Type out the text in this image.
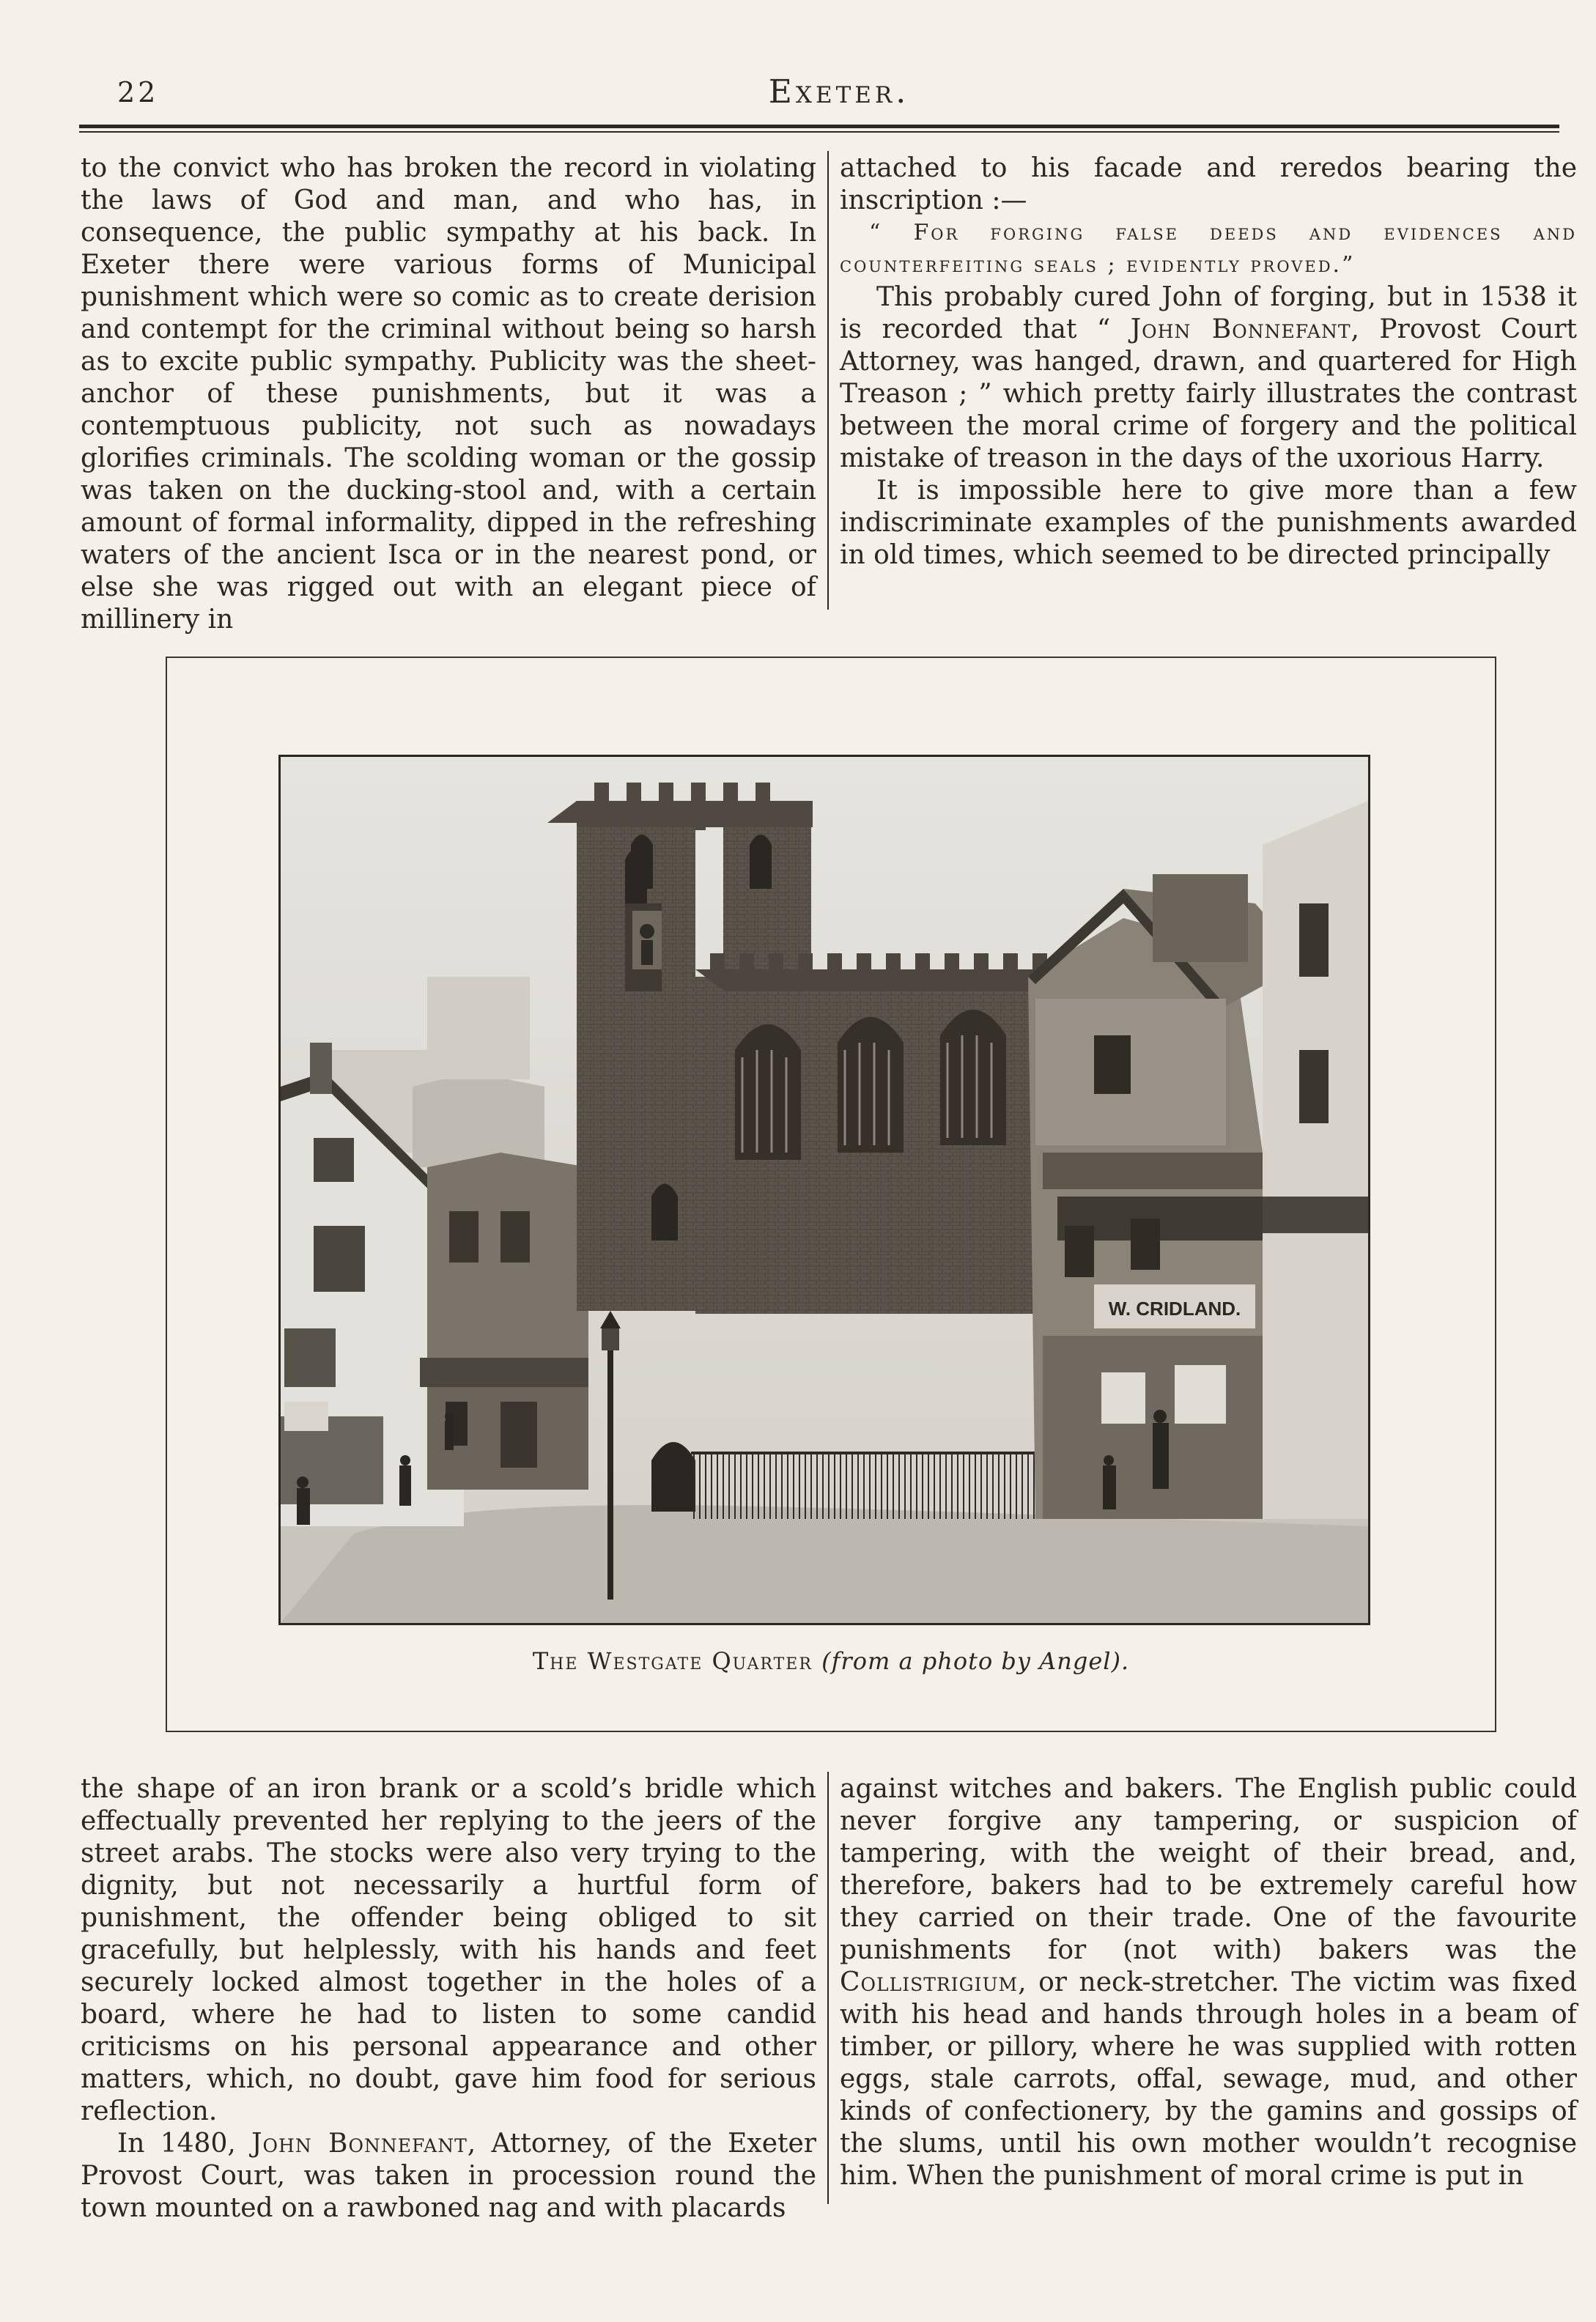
22	Exeter.

to the convict who has broken the record in violating the laws of God and man, and who has, in consequence, the public sympathy at his back. In Exeter there were various forms of Municipal punishment which were so comic as to create derision and contempt for the criminal without being so harsh as to excite public sympathy. Publicity was the sheet-anchor of these punishments, but it was a contemptuous publicity, not such as nowadays glorifies criminals. The scolding woman or the gossip was taken on the ducking-stool and, with a certain amount of formal informality, dipped in the refreshing waters of the ancient Isca or in the nearest pond, or else she was rigged out with an elegant piece of millinery in

attached to his facade and reredos bearing the inscription :—

“ For forging false deeds and evidences and counterfeiting seals ; evidently proved.”

This probably cured John of forging, but in 1538 it is recorded that “ John Bonnefant, Provost Court Attorney, was hanged, drawn, and quartered for High Treason ; ” which pretty fairly illustrates the contrast between the moral crime of forgery and the political mistake of treason in the days of the uxorious Harry.

It is impossible here to give more than a few indiscriminate examples of the punishments awarded in old times, which seemed to be directed principally

W. CRIDLAND.
The Westgate Quarter (from a photo by Angel).

the shape of an iron brank or a scold’s bridle which effectually prevented her replying to the jeers of the street arabs. The stocks were also very trying to the dignity, but not necessarily a hurtful form of punishment, the offender being obliged to sit gracefully, but helplessly, with his hands and feet securely locked almost together in the holes of a board, where he had to listen to some candid criticisms on his personal appearance and other matters, which, no doubt, gave him food for serious reflection.

In 1480, John Bonnefant, Attorney, of the Exeter Provost Court, was taken in procession round the town mounted on a rawboned nag and with placards

against witches and bakers. The English public could never forgive any tampering, or suspicion of tampering, with the weight of their bread, and, therefore, bakers had to be extremely careful how they carried on their trade. One of the favourite punishments for (not with) bakers was the Collistrigium, or neck-stretcher. The victim was fixed with his head and hands through holes in a beam of timber, or pillory, where he was supplied with rotten eggs, stale carrots, offal, sewage, mud, and other kinds of confectionery, by the gamins and gossips of the slums, until his own mother wouldn’t recognise him. When the punishment of moral crime is put in
